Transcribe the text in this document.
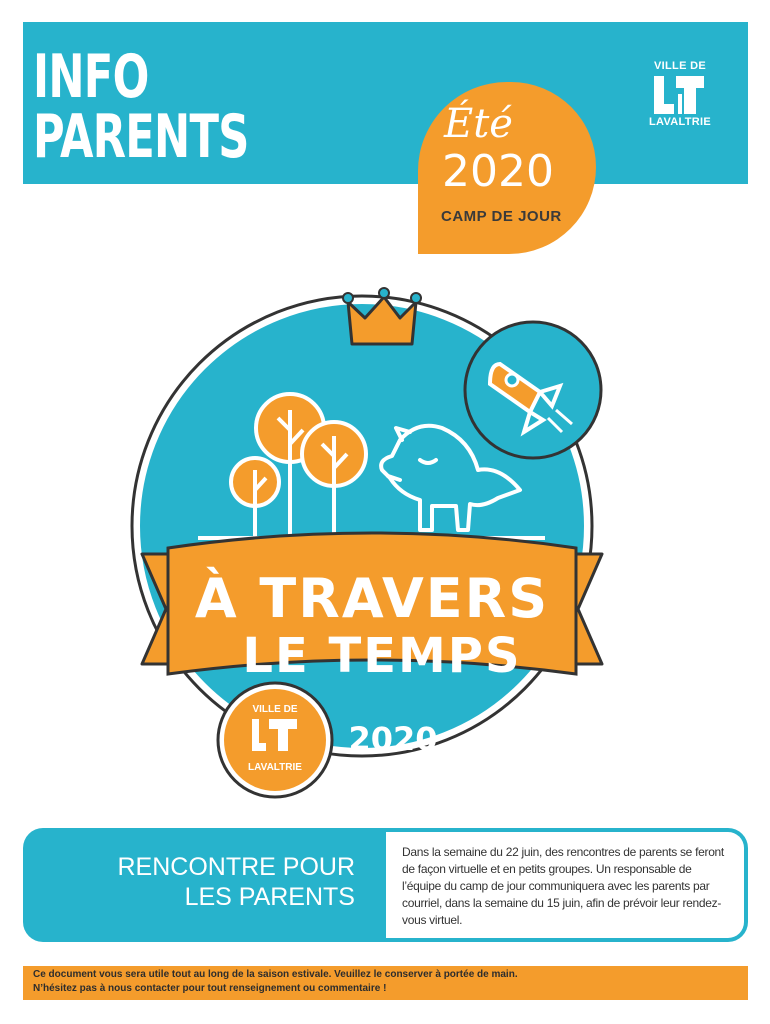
INFO
PARENTS	Été
2020
CAMP DE JOUR
VILLE DE
LAVALTRIE
À TRAVERS
LE TEMPS
2020
VILLE DE
LAVALTRIE
RENCONTRE POUR
LES PARENTS
Dans la semaine du 22 juin, des rencontres de parents se feront de façon virtuelle et en petits groupes. Un responsable de l’équipe du camp de jour communiquera avec les parents par courriel, dans la semaine du 15 juin, afin de prévoir leur rendez-vous virtuel.
Ce document vous sera utile tout au long de la saison estivale. Veuillez le conserver à portée de main.
N’hésitez pas à nous contacter pour tout renseignement ou commentaire !
